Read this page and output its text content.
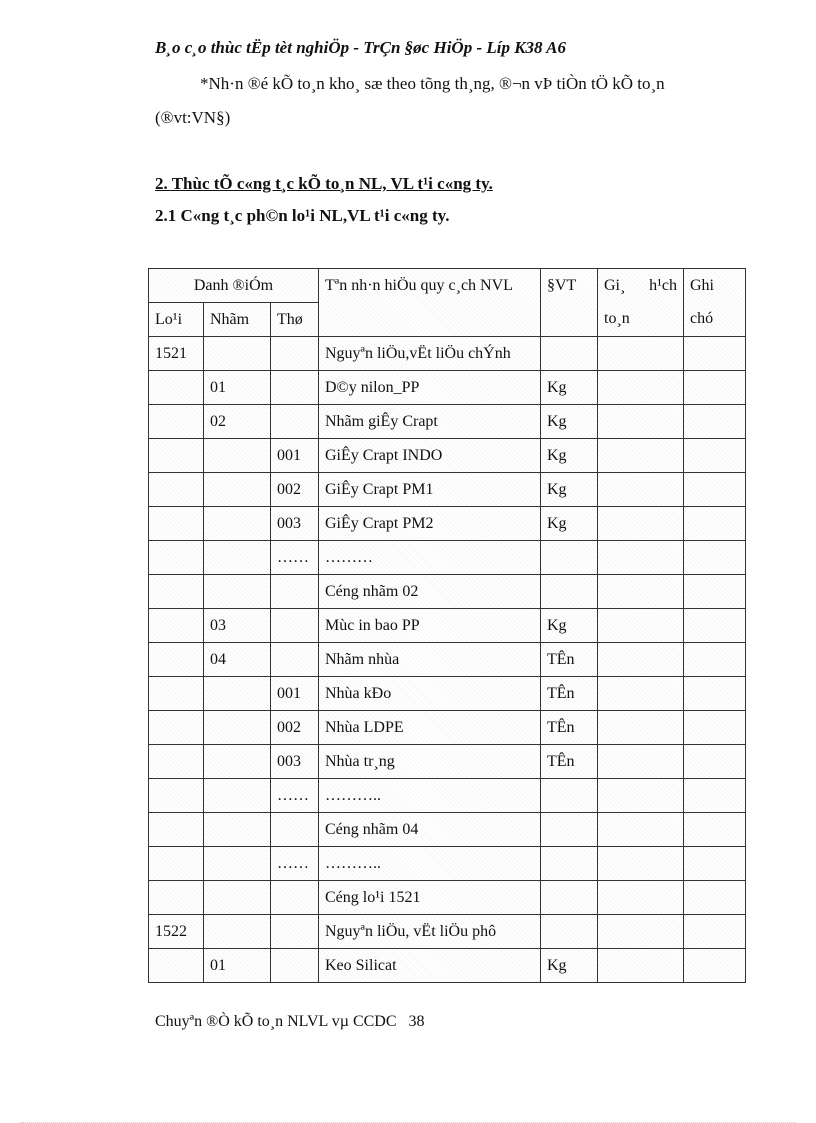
B¸o c¸o thùc tËp tèt nghiÖp - TrÇn §øc HiÖp - Líp K38 A6
*Nh·n ®é kÕ to¸n kho¸ sæ theo tõng th¸ng, ®¬n vÞ tiÒn tÖ kÕ to¸n
(®vt:VN§)
2. Thùc tÕ c«ng t¸c kÕ to¸n NL, VL t¹i c«ng ty.
2.1 C«ng t¸c ph©n lo¹i NL,VL t¹i c«ng ty.
Danh ®iÓm			Tªn nh·n hiÖu quy c¸ch NVL	§VT	Gi¸ h¹ch to¸n	Ghi chó
Lo¹i	Nhãm	Thø				
1521			Nguyªn liÖu,vËt liÖu chÝnh			
	01		D©y nilon_PP	Kg		
	02		Nhãm giÊy Crapt	Kg		
		001	GiÊy Crapt INDO	Kg		
		002	GiÊy Crapt PM1	Kg		
		003	GiÊy Crapt PM2	Kg		
		……	………			
			Céng nhãm 02			
	03		Mùc in bao PP	Kg		
	04		Nhãm nhùa	TÊn		
		001	Nhùa kÐo	TÊn		
		002	Nhùa LDPE	TÊn		
		003	Nhùa tr¸ng	TÊn		
		……	………..			
			Céng nhãm 04			
		……	………..			
			Céng lo¹i 1521			
1522			Nguyªn liÖu, vËt liÖu phô			
	01		Keo Silicat	Kg		
Chuyªn ®Ò kÕ to¸n NLVL vµ CCDC 38
